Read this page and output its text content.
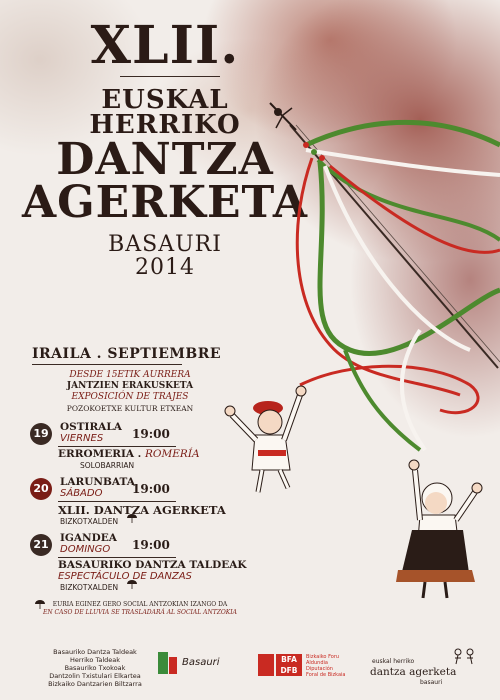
XLII.
EUSKAL
HERRIKO
DANTZA
AGERKETA
BASAURI
2014
IRAILA . SEPTIEMBRE
DESDE 15ETIK AURRERA
JANTZIEN ERAKUSKETA
EXPOSICIÓN DE TRAJES
POZOKOETXE KULTUR ETXEAN
19	OSTIRALA
VIERNES 19:00
ERROMERIA . ROMERÍA
SOLOBARRIAN
20	LARUNBATA
SÁBADO 19:00
XLII. DANTZA AGERKETA
BIZKOTXALDEN
21	IGANDEA
DOMINGO 19:00
BASAURIKO DANTZA TALDEAK
ESPECTÁCULO DE DANZAS
BIZKOTXALDEN
EURIA EGINEZ GERO SOCIAL ANTZOKIAN IZANGO DA
EN CASO DE LLUVIA SE TRASLADARÁ AL SOCIAL ANTZOKIA
Basauriko Dantza Taldeak
Herriko Taldeak
Basauriko Txokoak
Dantzolin Txistulari Elkartea
Bizkaiko Dantzarien Biltzarra
Basauri	BFA
DFB
Bizkaiko Foru
Aldundia
Diputación
Foral de Bizkaia
euskal herriko
dantza agerketa
basauri
